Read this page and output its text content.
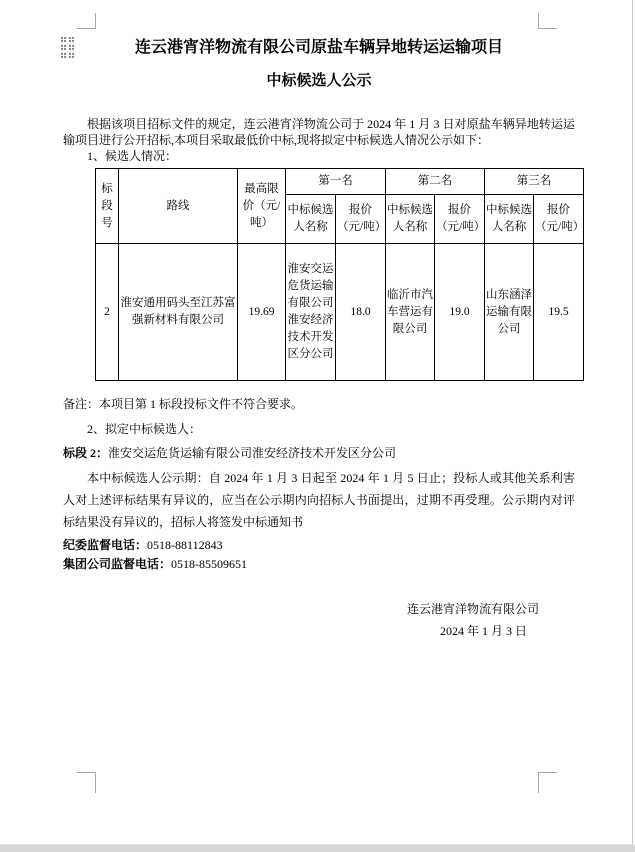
连云港宵洋物流有限公司原盐车辆异地转运运输项目
中标候选人公示

根据该项目招标文件的规定，连云港宵洋物流公司于 2024 年 1 月 3 日对原盐车辆异地转运运输项目进行公开招标,本项目采取最低价中标,现将拟定中标候选人情况公示如下：

1、候选人情况：

标段号	路线	最高限价（元/吨）	第一名		第二名		第三名	
			中标候选人名称	报价（元/吨）	中标候选人名称	报价（元/吨）	中标候选人名称	报价（元/吨）
2	淮安通用码头至江苏富强新材料有限公司	19.69	淮安交运危货运输有限公司淮安经济技术开发区分公司	18.0	临沂市汽车营运有限公司	19.0	山东涵泽运输有限公司	19.5

备注：本项目第 1 标段投标文件不符合要求。

2、拟定中标候选人：

标段 2：淮安交运危货运输有限公司淮安经济技术开发区分公司

本中标候选人公示期：自 2024 年 1 月 3 日起至 2024 年 1 月 5 日止；投标人或其他关系利害人对上述评标结果有异议的，应当在公示期内向招标人书面提出，过期不再受理。公示期内对评标结果没有异议的，招标人将签发中标通知书

纪委监督电话：0518-88112843
集团公司监督电话：0518-85509651

连云港宵洋物流有限公司
2024 年 1 月 3 日
